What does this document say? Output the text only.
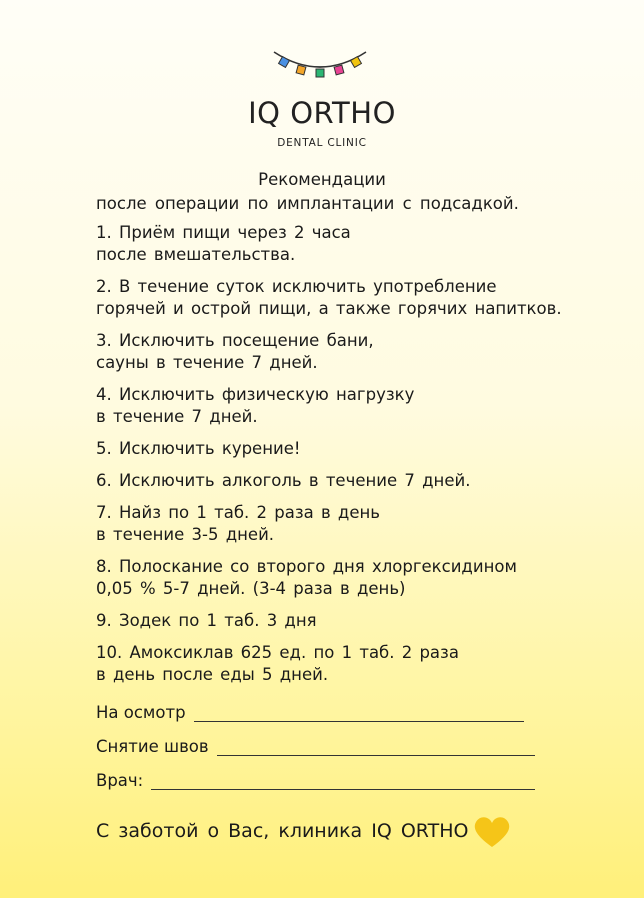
IQ ORTHO
DENTAL CLINIC
Рекомендации
после операции по имплантации с подсадкой.
1. Приём пищи через 2 часа
после вмешательства.
2. В течение суток исключить употребление
горячей и острой пищи, а также горячих напитков.
3. Исключить посещение бани,
сауны в течение 7 дней.
4. Исключить физическую нагрузку
в течение 7 дней.
5. Исключить курение!
6. Исключить алкоголь в течение 7 дней.
7. Найз по 1 таб. 2 раза в день
в течение 3-5 дней.
8. Полоскание со второго дня хлоргексидином
0,05 % 5-7 дней. (3-4 раза в день)
9. Зодек по 1 таб. 3 дня
10. Амоксиклав 625 ед. по 1 таб. 2 раза
в день после еды 5 дней.
На осмотр
Снятие швов
Врач:
С заботой о Вас, клиника IQ ORTHO
